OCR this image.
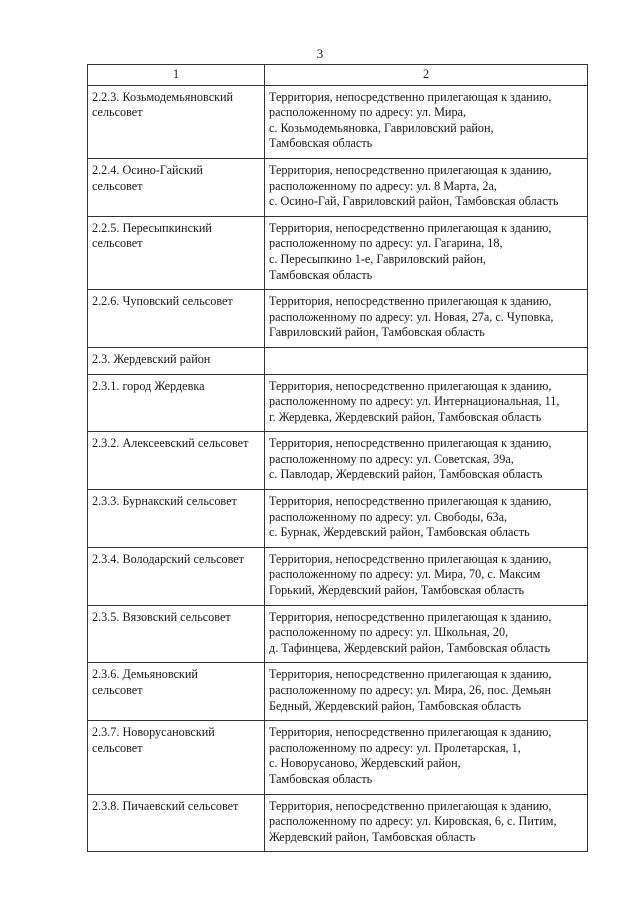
3
1	2

2.2.3. Козьмодемьяновский
сельсовет	Территория, непосредственно прилегающая к зданию,
расположенному по адресу: ул. Мира,
с. Козьмодемьяновка, Гавриловский район,
Тамбовская область

2.2.4. Осино-Гайский
сельсовет	Территория, непосредственно прилегающая к зданию,
расположенному по адресу: ул. 8 Марта, 2а,
с. Осино-Гай, Гавриловский район, Тамбовская область

2.2.5. Пересыпкинский
сельсовет	Территория, непосредственно прилегающая к зданию,
расположенному по адресу: ул. Гагарина, 18,
с. Пересыпкино 1-е, Гавриловский район,
Тамбовская область

2.2.6. Чуповский сельсовет	Территория, непосредственно прилегающая к зданию,
расположенному по адресу: ул. Новая, 27а, с. Чуповка,
Гавриловский район, Тамбовская область

2.3. Жердевский район	

2.3.1. город Жердевка	Территория, непосредственно прилегающая к зданию,
расположенному по адресу: ул. Интернациональная, 11,
г. Жердевка, Жердевский район, Тамбовская область

2.3.2. Алексеевский сельсовет	Территория, непосредственно прилегающая к зданию,
расположенному по адресу: ул. Советская, 39а,
с. Павлодар, Жердевский район, Тамбовская область

2.3.3. Бурнакский сельсовет	Территория, непосредственно прилегающая к зданию,
расположенному по адресу: ул. Свободы, 63а,
с. Бурнак, Жердевский район, Тамбовская область

2.3.4. Володарский сельсовет	Территория, непосредственно прилегающая к зданию,
расположенному по адресу: ул. Мира, 70, с. Максим
Горький, Жердевский район, Тамбовская область

2.3.5. Вязовский сельсовет	Территория, непосредственно прилегающая к зданию,
расположенному по адресу: ул. Школьная, 20,
д. Тафинцева, Жердевский район, Тамбовская область

2.3.6. Демьяновский
сельсовет	Территория, непосредственно прилегающая к зданию,
расположенному по адресу: ул. Мира, 26, пос. Демьян
Бедный, Жердевский район, Тамбовская область

2.3.7. Новорусановский
сельсовет	Территория, непосредственно прилегающая к зданию,
расположенному по адресу: ул. Пролетарская, 1,
с. Новорусаново, Жердевский район,
Тамбовская область

2.3.8. Пичаевский сельсовет	Территория, непосредственно прилегающая к зданию,
расположенному по адресу: ул. Кировская, 6, с. Питим,
Жердевский район, Тамбовская область
